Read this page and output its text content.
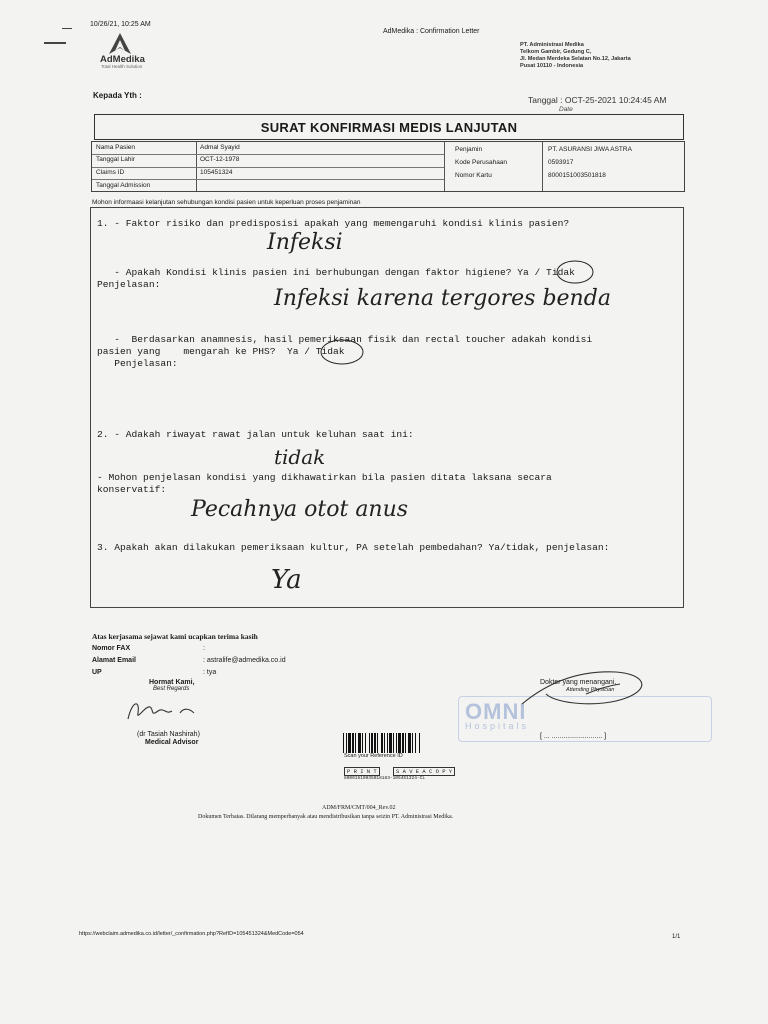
10/26/21, 10:25 AM
AdMedika : Confirmation Letter
AdMedika
Total Health Solution
PT. Administrasi Medika
Telkom Gambir, Gedung C,
Jl. Medan Merdeka Selatan No.12, Jakarta
Pusat 10110 - Indonesia
Kepada Yth :	Tanggal : OCT-25-2021 10:24:45 AM
Date
SURAT KONFIRMASI MEDIS LANJUTAN
Nama Pasien	Admal Syayid
Tanggal Lahir	OCT-12-1978
Claims ID	105451324
Tanggal Admission
Penjamin	PT. ASURANSI JIWA ASTRA
Kode Perusahaan	0593917
Nomor Kartu	8000151003501818
Mohon informaasi kelanjutan sehubungan kondisi pasien untuk keperluan proses penjaminan
1. - Faktor risiko dan predisposisi apakah yang memengaruhi kondisi klinis pasien?
Infeksi
- Apakah Kondisi klinis pasien ini berhubungan dengan faktor higiene? Ya / Tidak
Penjelasan:
Infeksi karena tergores benda
-  Berdasarkan anamnesis, hasil pemeriksaan fisik dan rectal toucher adakah kondisi
pasien yang    mengarah ke PHS?  Ya / Tidak
Penjelasan:
2. - Adakah riwayat rawat jalan untuk keluhan saat ini:
tidak
- Mohon penjelasan kondisi yang dikhawatirkan bila pasien ditata laksana secara
konservatif:
Pecahnya otot anus
3. Apakah akan dilakukan pemeriksaan kultur, PA setelah pembedahan? Ya/tidak, penjelasan:
Ya
Atas kerjasama sejawat kami ucapkan terima kasih
Nomor FAX	:
Alamat Email	: astralife@admedika.co.id
UP	: tya
Hormat Kami,
Best Regards
(dr Tasiah Nashirah)
Medical Advisor
Scan your Reference ID
P R I N T	S A V E A C O P Y
80001510035018183-105451324-CL
OMNI
Hospitals
Dokter yang menangani,
Attending Physician
[ ... .......................... ]
ADM/FRM/CMT/004_Rev.02
Dokumen Terbatas. Dilarang memperbanyak atau mendistribusikan tanpa seizin PT. Administrasi Medika.
https://webclaim.admedika.co.id/letter/_confirmation.php?RefID=105451324&MedCode=054	1/1
